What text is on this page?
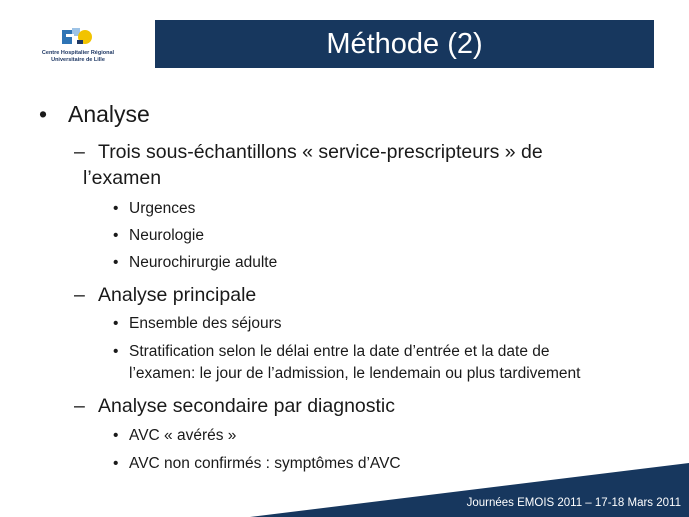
Centre Hospitalier Régional
Universitaire de Lille	Méthode (2)
• Analyse
– Trois sous-échantillons « service-prescripteurs » de
l’examen
• Urgences
• Neurologie
• Neurochirurgie adulte
– Analyse principale
• Ensemble des séjours
• Stratification selon le délai entre la date d’entrée et la date de
l’examen: le jour de l’admission, le lendemain ou plus tardivement
– Analyse secondaire par diagnostic
• AVC « avérés »
• AVC non confirmés : symptômes d’AVC
Journées EMOIS 2011 – 17-18 Mars 2011
